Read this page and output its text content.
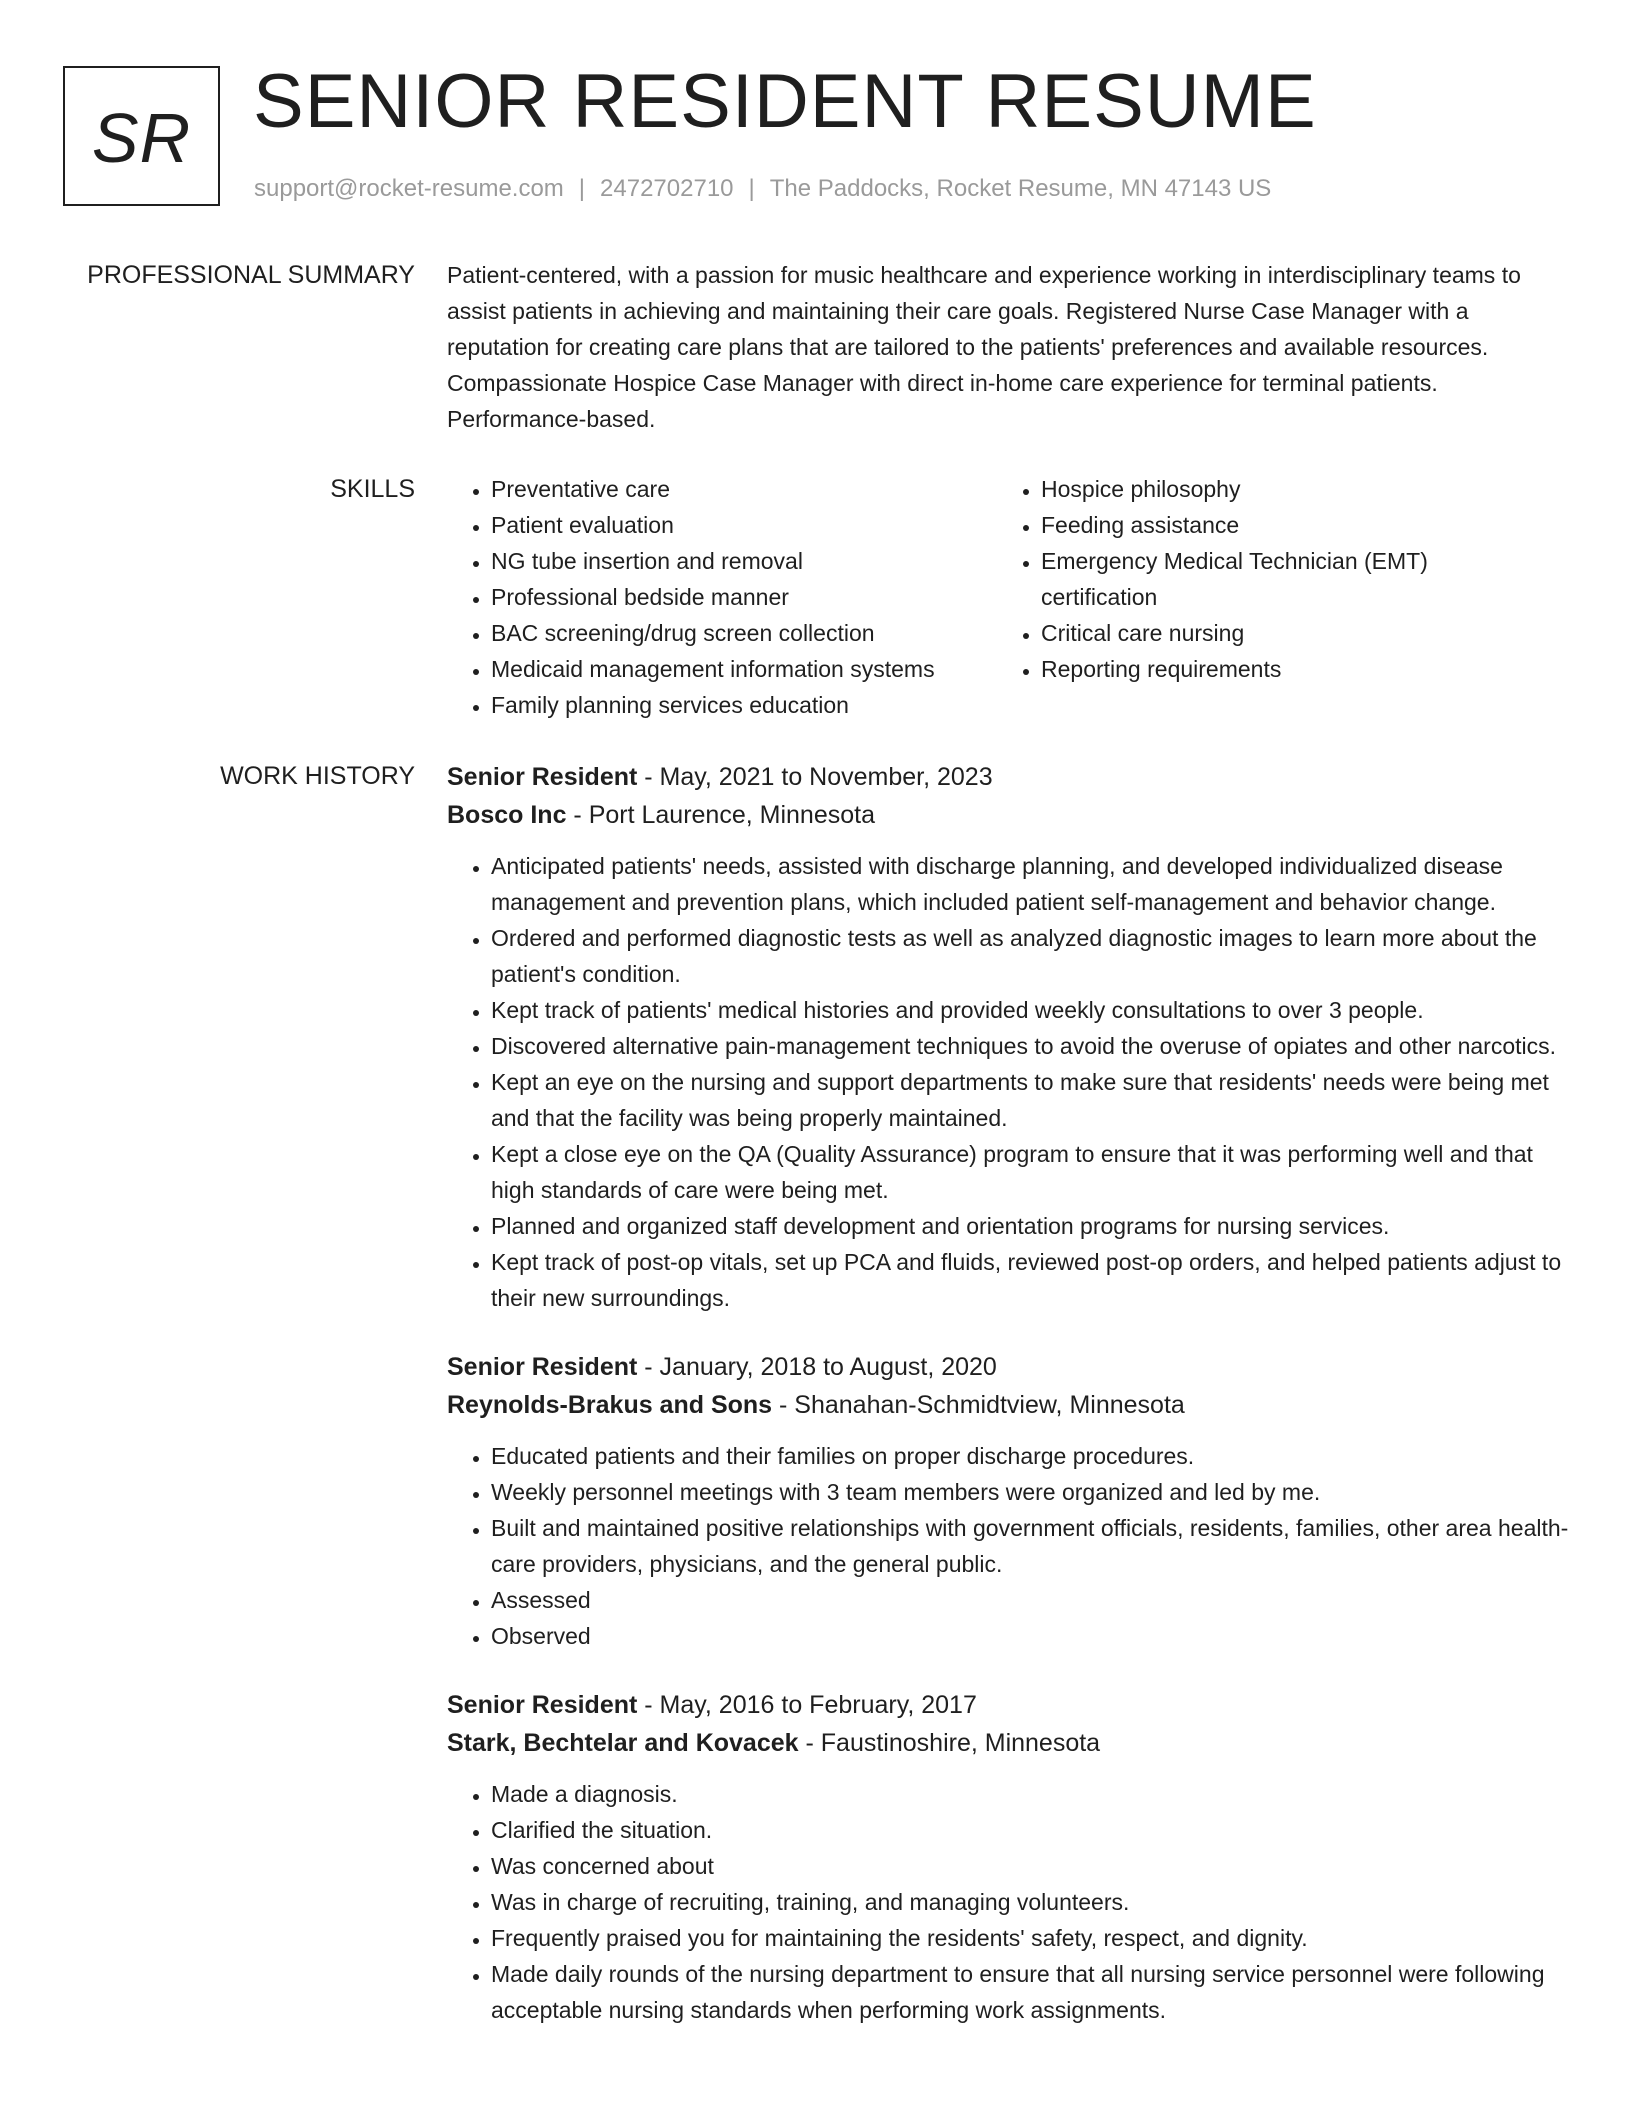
SR SENIOR RESIDENT RESUME
support@rocket-resume.com | 2472702710 | The Paddocks, Rocket Resume, MN 47143 US
PROFESSIONAL SUMMARY Patient-centered, with a passion for music healthcare and experience working in interdisciplinary teams to assist patients in achieving and maintaining their care goals. Registered Nurse Case Manager with a reputation for creating care plans that are tailored to the patients' preferences and available resources. Compassionate Hospice Case Manager with direct in-home care experience for terminal patients. Performance-based.

SKILLS
•	Preventative care
• Patient evaluation
• NG tube insertion and removal
• Professional bedside manner
• BAC screening/drug screen collection
• Medicaid management information systems
• Family planning services education
• Hospice philosophy
• Feeding assistance
• Emergency Medical Technician (EMT) certification
• Critical care nursing
• Reporting requirements
WORK HISTORY Senior Resident - May, 2021 to November, 2023
Bosco Inc - Port Laurence, Minnesota
• Anticipated patients' needs, assisted with discharge planning, and developed individualized disease management and prevention plans, which included patient self-management and behavior change.
• Ordered and performed diagnostic tests as well as analyzed diagnostic images to learn more about the patient's condition.
• Kept track of patients' medical histories and provided weekly consultations to over 3 people.
• Discovered alternative pain-management techniques to avoid the overuse of opiates and other narcotics.
• Kept an eye on the nursing and support departments to make sure that residents' needs were being met and that the facility was being properly maintained.
• Kept a close eye on the QA (Quality Assurance) program to ensure that it was performing well and that high standards of care were being met.
• Planned and organized staff development and orientation programs for nursing services.
• Kept track of post-op vitals, set up PCA and fluids, reviewed post-op orders, and helped patients adjust to their new surroundings.
Senior Resident - January, 2018 to August, 2020
Reynolds-Brakus and Sons - Shanahan-Schmidtview, Minnesota
• Educated patients and their families on proper discharge procedures.
• Weekly personnel meetings with 3 team members were organized and led by me.
• Built and maintained positive relationships with government officials, residents, families, other area health-care providers, physicians, and the general public.
• Assessed
• Observed
Senior Resident - May, 2016 to February, 2017
Stark, Bechtelar and Kovacek - Faustinoshire, Minnesota
• Made a diagnosis.
• Clarified the situation.
• Was concerned about
• Was in charge of recruiting, training, and managing volunteers.
• Frequently praised you for maintaining the residents' safety, respect, and dignity.
• Made daily rounds of the nursing department to ensure that all nursing service personnel were following acceptable nursing standards when performing work assignments.
